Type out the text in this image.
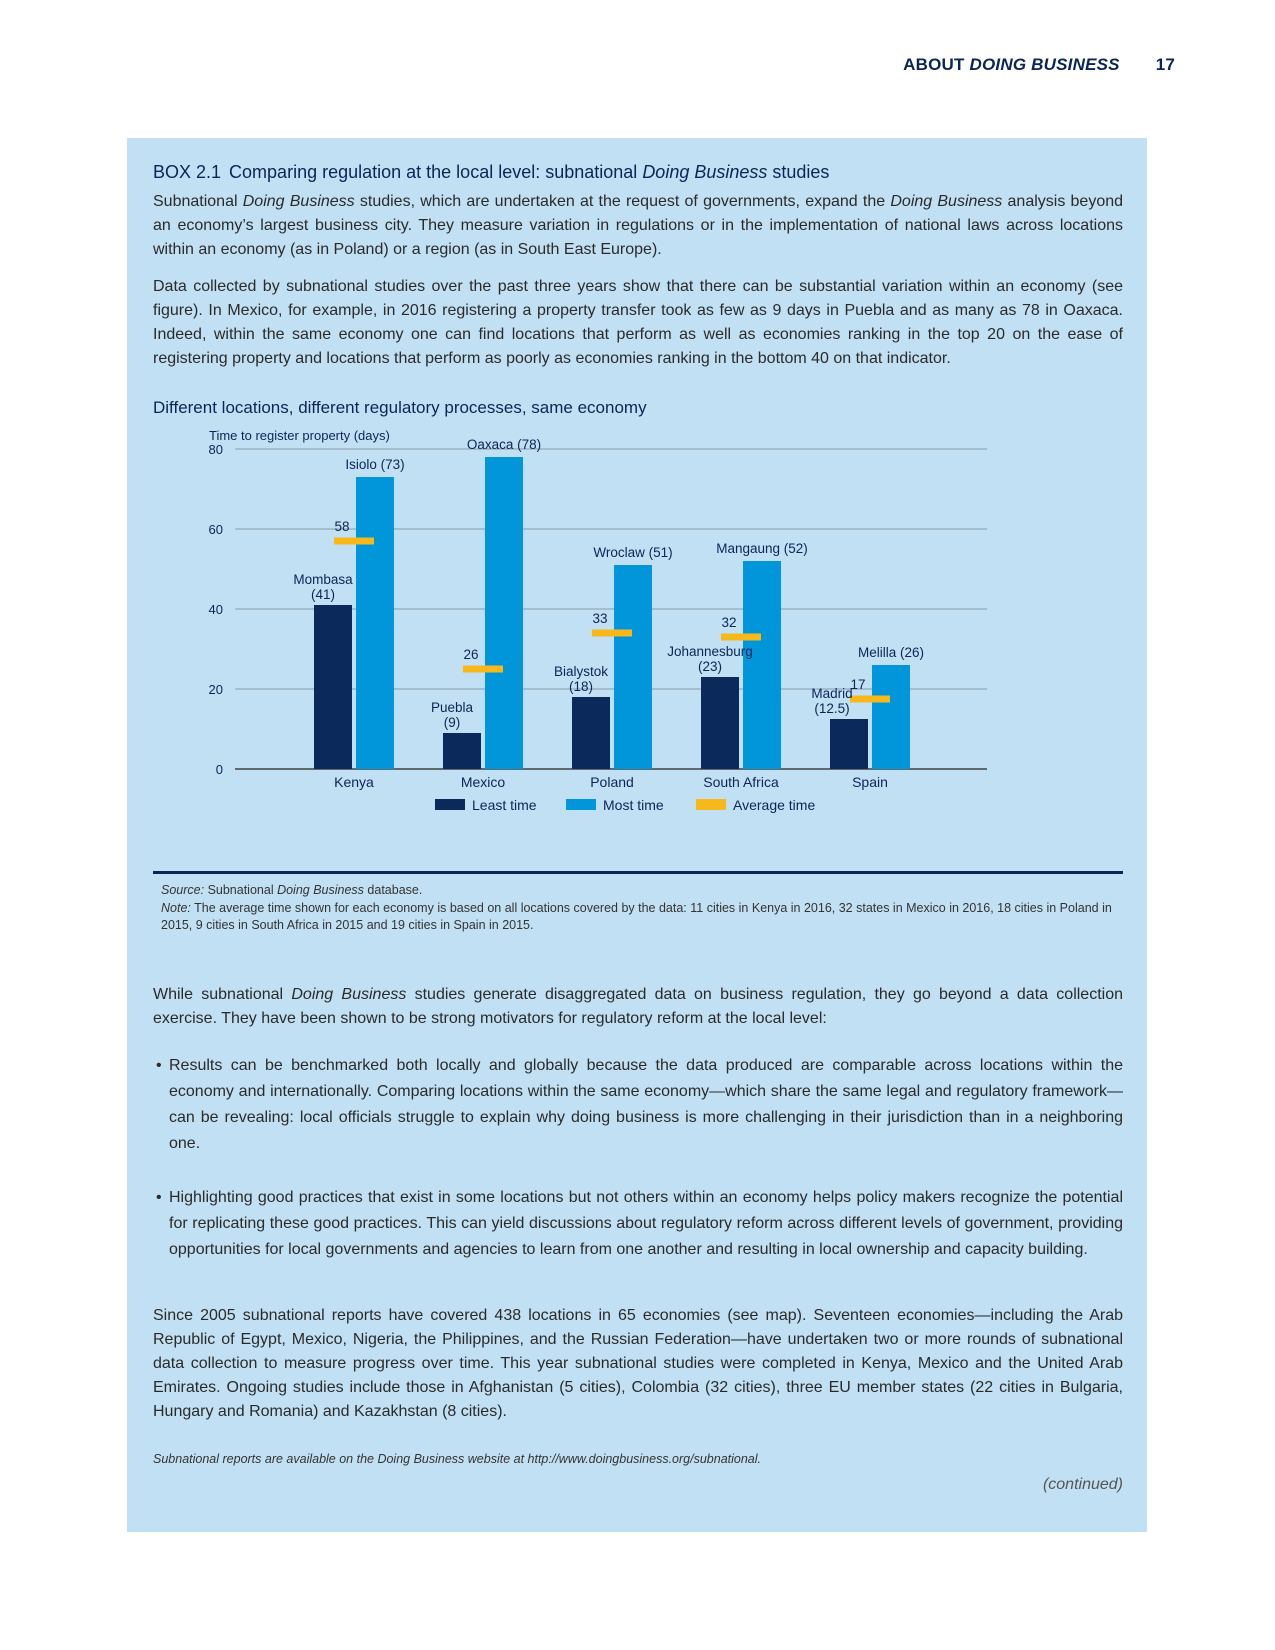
ABOUT DOING BUSINESS 17
BOX 2.1 Comparing regulation at the local level: subnational Doing Business studies

Subnational Doing Business studies, which are undertaken at the request of governments, expand the Doing Business analysis beyond an economy’s largest business city. They measure variation in regulations or in the implementation of national laws across locations within an economy (as in Poland) or a region (as in South East Europe).

Data collected by subnational studies over the past three years show that there can be substantial variation within an economy (see figure). In Mexico, for example, in 2016 registering a property transfer took as few as 9 days in Puebla and as many as 78 in Oaxaca. Indeed, within the same economy one can find locations that perform as well as economies ranking in the top 20 on the ease of registering property and locations that perform as poorly as economies ranking in the bottom 40 on that indicator.

Different locations, different regulatory processes, same economy
Time to register property (days)
0
20
40
60
80
Kenya
Isiolo (73)
Mombasa
(41)
58
Mexico
Oaxaca (78)
Puebla
(9)
26
Poland
Wroclaw (51)
Bialystok
(18)
33
South Africa
Mangaung (52)
Johannesburg
(23)
32
Spain
Melilla (26)
Madrid
(12.5)
17
Least time	Most time	Average time
Source: Subnational Doing Business database.
Note: The average time shown for each economy is based on all locations covered by the data: 11 cities in Kenya in 2016, 32 states in Mexico in 2016, 18 cities in Poland in 2015, 9 cities in South Africa in 2015 and 19 cities in Spain in 2015.

While subnational Doing Business studies generate disaggregated data on business regulation, they go beyond a data collection exercise. They have been shown to be strong motivators for regulatory reform at the local level:

• Results can be benchmarked both locally and globally because the data produced are comparable across locations within the economy and internationally. Comparing locations within the same economy—which share the same legal and regulatory framework—can be revealing: local officials struggle to explain why doing business is more challenging in their jurisdiction than in a neighboring one.
• Highlighting good practices that exist in some locations but not others within an economy helps policy makers recognize the potential for replicating these good practices. This can yield discussions about regulatory reform across different levels of government, providing opportunities for local governments and agencies to learn from one another and resulting in local ownership and capacity building.

Since 2005 subnational reports have covered 438 locations in 65 economies (see map). Seventeen economies—including the Arab Republic of Egypt, Mexico, Nigeria, the Philippines, and the Russian Federation—have undertaken two or more rounds of subnational data collection to measure progress over time. This year subnational studies were completed in Kenya, Mexico and the United Arab Emirates. Ongoing studies include those in Afghanistan (5 cities), Colombia (32 cities), three EU member states (22 cities in Bulgaria, Hungary and Romania) and Kazakhstan (8 cities).

Subnational reports are available on the Doing Business website at http://www.doingbusiness.org/subnational.
(continued)
